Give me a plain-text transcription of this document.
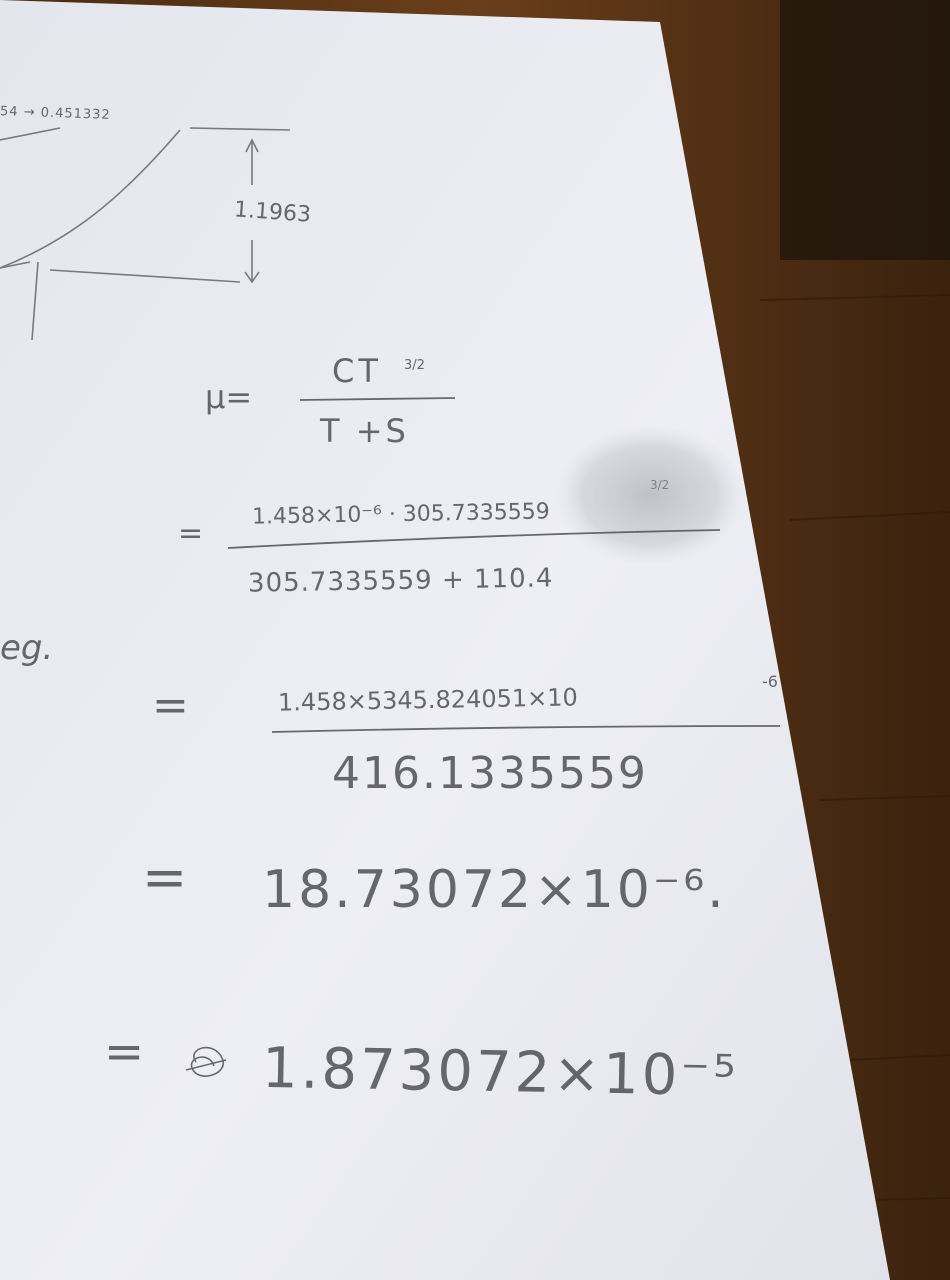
54 → 0.451332
1.1963
μ=
CT 3/2
T +S
=
1.458×10⁻⁶ · 305.7335559
3/2
305.7335559 + 110.4
eg.
=	1.458×5345.824051×10
-6
416.1335559
= 18.73072×10⁻⁶.
= 1.873072×10⁻⁵
